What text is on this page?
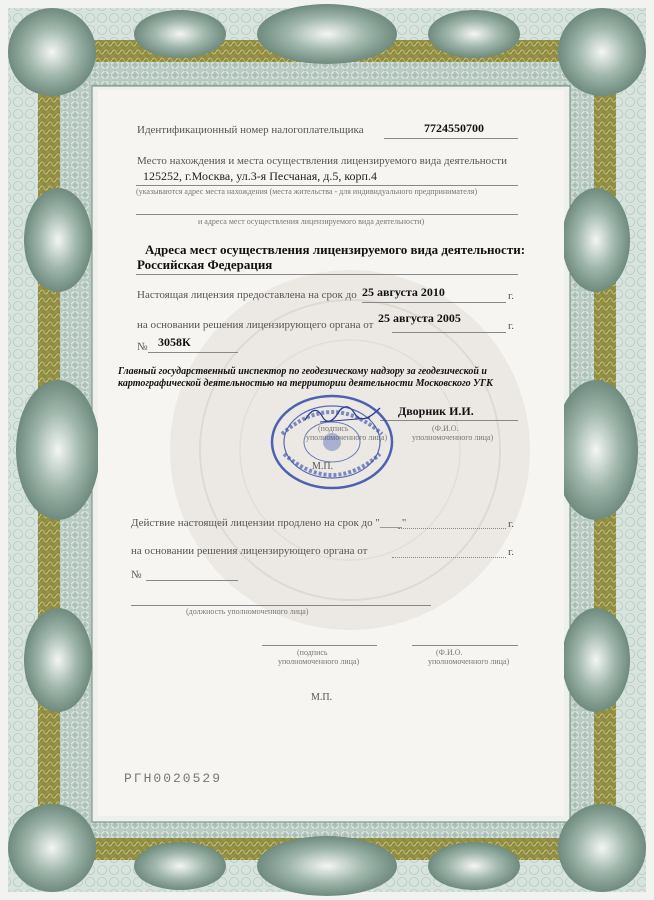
Идентификационный номер налогоплательщика	7724550700
Место нахождения и места осуществления лицензируемого вида деятельности
125252, г.Москва, ул.3-я Песчаная, д.5, корп.4
(указываются адрес места нахождения (места жительства - для индивидуального предпринимателя)
и адреса мест осуществления лицензируемого вида деятельности)
Адреса мест осуществления лицензируемого вида деятельности:
Российская Федерация
Настоящая лицензия предоставлена на срок до 25 августа 2010	г.
на основании решения лицензирующего органа от 25 августа 2005
г.
№ 3058К
Главный государственный инспектор по геодезическому надзору за геодезической и картографической деятельностью на территории деятельности Московского УГК
Дворник И.И.
(подпись
уполномоченного лица)
(Ф.И.О.
уполномоченного лица)
М.П.
Действие настоящей лицензии продлено на срок до "____"	г.
на основании решения лицензирующего органа от	г.
№
(должность уполномоченного лица)
(подпись
уполномоченного лица)
(Ф.И.О.
уполномоченного лица)
М.П.
РГН0020529
